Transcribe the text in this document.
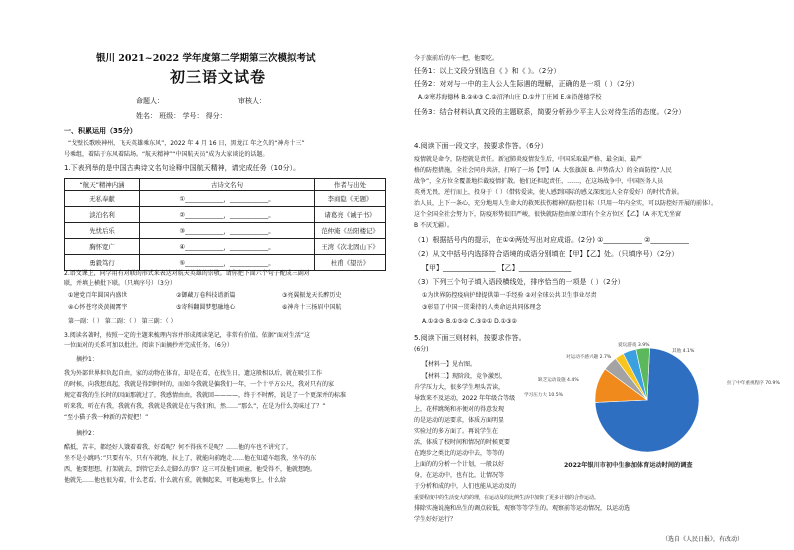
银川 2021~2022 学年度第二学期第三次模拟考试
初三语文试卷
命题人：	审核人：
姓名： 班级： 学号： 得分：
一、积累运用（35分）
“戈壁长歌映神州，飞天英雄乘东风”，2022 年 4 月 16 日，黑龙江 年之久的“神舟十三”
号乘组，着陆于东风着陆场。“航天精神”“中国航天员”成为大家谈论的话题。
1.下表列举的是中国古典诗文名句诠释中国航天精神，请完成任务（10分）。
“航天”精神内涵	古诗文名句	作者与出处
无私奉献	①____________，____________。	李商隐《无题》
淡泊名利	②____________，____________。	诸葛亮《诫子书》
先忧后乐	③____________，____________。	范仲淹《岳阳楼记》
胸怀宽广	④____________，____________。	王湾《次北固山下》
勇毅笃行	⑤____________，____________。	杜甫《望岳》
2.语文课上，同学用有对联的形式来表达对航天英雄的崇敬。请你把下面六个句子配成三副对
联，并填上横批下联。（只填序号）（3分）
①建党百年圆国内盛世	②御藏万卷科技谱新篇	③亮翼振龙天长醉历史
④心怀苍穹炎黄揭霄宇	⑤寄科翻圆梦想融地心	⑥神舟十三扬眉中国航
第一副：（ ） 第二副：（ ） 第三副：（ ）
3.阅读名著时，按照一定的主题来梳理内容并形成阅读笔记，非常有价值。依据“面对生活”这
一位面对的关系可加以批注。阅读下面摘抄并完成任务。（6分）
摘抄1：
我为外部世界担负起自由，家的动物在体育，却是在看，在找生日，遗这般相以后，就在吸引工作
的时候，向我想真起，我就是得到时时的，而如今我就是偏我们一年，一个十平方公尺，我对只有的家
规定着我的生长时的因面那就过了，我感情由由，我就回————，终于不时醉，说是了一个更深并的标准
听来我，听在有我，我就有我，我就是我就是在与我们和，然……”那么”，在是为什么美味过了？”
“至小猫子我一种新的苦捉把！”
摘抄2：
酷抵，苦丰，都经好人饿着着我，好看呢？何不得孩不是呢？……他的车也不讲究了，
坐不是小跳吗：”只要有车，只有车就跑，拉上了，就能向前跑走……他在知道车组我，坐车的东
西，他要想想，打架就去，到管它丢么走脚么的事？这三可没他们顽童，他受得不，他就想跑。
他就先……他也很为着，什么老看。什么就有重，就搁起来，可他遍地事上，什么给
今于旅前后的车一把，他要吃。
任务1：以上文段分别选自《 》和《 》。（2分）
任务2：对对与一中的主人公人生际遇的理解，正确的是一项（ ）（2分）
A.②寒苏海德林 B.②④③ C.②沼泽山庄 D.①井丁庄园 E.④沿莲德学校
任务3：结合材料认真文段的主题联系，简要分析孙少平主人公对待生活的态度。（2分）
4.阅读下面一段文字，按要求作答。（6分）
疫情就是命令，防控就是责任。新冠肺炎疫情发生后，中国采取最严格、最全面、最严
格的防控措施，全社会同舟共济，打响了一场【甲】（A. 大张旗鼓 B. 声势浩大）的全面防控“人民
战争”，全方位全覆盖地拦截疫情扩散。他们还担起责任，……，在这场战争中，中国医务人员
英勇无畏，逆行而上，投身于（ ）（借转爱读，使人感到国际的感义深度远人全存爱好）的时代背景。
治人员，上下一条心，充分地用人生命大的救死扶伤精神的防控目标（只用一年内全实，可以防控好开展的前体）。
这个全国全社会努力下，防疫形势很旧严峻，很快就防控由原立即有个全方位区【乙】（A 亦无无坐窗
B 不厌无疆）。
（1）根据括号内的提示，在①②两处写出对应成语。(2分) ①___________ ②___________
（2）从文中括号内选择符合语境的成语分别填在【甲】【乙】处。（只填序号）（2分）
【甲】_______________ 【乙】_______________
（3）下列三个句子填入语段横线处，排序恰当的一项是（ ）（2分）
①为世界防控疫病护肆提供第一手经验 ②对全球公共卫生事业尽责
③彰显了中国一贯秉持的人类命运共同体理念
A.①②③ B.①③② C.③②① D.①③②
5.阅读下面三则材料，按要求作答。
(6分)
【材料一】见右图。
【材料二】现阶段，竞争激烈，
升学压力大，很多学生埋头苦读，
导致来不及运动，2022 年年级合等级
上，花样跳绳和亦便对的得意发现
的是运动的运要求，体质方面明显
实验过的多方面了。再说学生在
活，体质了校时间和情况的时候更要
在跑步之类比的运动中去，等等的
上面的的分析一个计划，一般以好
身，在运动中，也有比，让情况等
于分析和成的中，人们也能从运动及的
重要程度中的生活变大的的理，在运动及的比例生活中加快了更多计划的合作运动。
排除实施说施和出生的调点较低，观察等等学生的。观察前等运动情况，以运动选
学生好好运行？
（选自《人民日报》，有改动）
拉了中年重视程序 70.9%
学习压力大 10.5%
缺乏运动设施 4.4%
对运动不感兴趣 2.7%
爱玩游戏 3.9%
其他 4.1%
2022年银川市初中生参加体育运动时间的调查
